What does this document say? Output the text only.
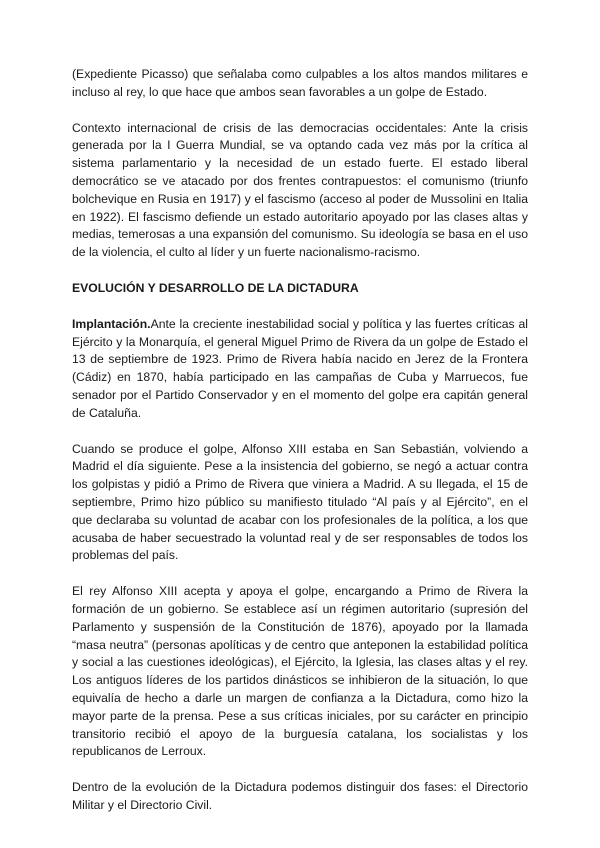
(Expediente Picasso) que señalaba como culpables a los altos mandos militares e incluso al rey, lo que hace que ambos sean favorables a un golpe de Estado.

Contexto internacional de crisis de las democracias occidentales: Ante la crisis generada por la I Guerra Mundial, se va optando cada vez más por la crítica al sistema parlamentario y la necesidad de un estado fuerte. El estado liberal democrático se ve atacado por dos frentes contrapuestos: el comunismo (triunfo bolchevique en Rusia en 1917) y el fascismo (acceso al poder de Mussolini en Italia en 1922). El fascismo defiende un estado autoritario apoyado por las clases altas y medias, temerosas a una expansión del comunismo. Su ideología se basa en el uso de la violencia, el culto al líder y un fuerte nacionalismo-racismo.

EVOLUCIÓN Y DESARROLLO DE LA DICTADURA

Implantación.Ante la creciente inestabilidad social y política y las fuertes críticas al Ejército y la Monarquía, el general Miguel Primo de Rivera da un golpe de Estado el 13 de septiembre de 1923. Primo de Rivera había nacido en Jerez de la Frontera (Cádiz) en 1870, había participado en las campañas de Cuba y Marruecos, fue senador por el Partido Conservador y en el momento del golpe era capitán general de Cataluña.

Cuando se produce el golpe, Alfonso XIII estaba en San Sebastián, volviendo a Madrid el día siguiente. Pese a la insistencia del gobierno, se negó a actuar contra los golpistas y pidió a Primo de Rivera que viniera a Madrid. A su llegada, el 15 de septiembre, Primo hizo público su manifiesto titulado “Al país y al Ejército”, en el que declaraba su voluntad de acabar con los profesionales de la política, a los que acusaba de haber secuestrado la voluntad real y de ser responsables de todos los problemas del país.

El rey Alfonso XIII acepta y apoya el golpe, encargando a Primo de Rivera la formación de un gobierno. Se establece así un régimen autoritario (supresión del Parlamento y suspensión de la Constitución de 1876), apoyado por la llamada “masa neutra” (personas apolíticas y de centro que anteponen la estabilidad política y social a las cuestiones ideológicas), el Ejército, la Iglesia, las clases altas y el rey. Los antiguos líderes de los partidos dinásticos se inhibieron de la situación, lo que equivalía de hecho a darle un margen de confianza a la Dictadura, como hizo la mayor parte de la prensa. Pese a sus críticas iniciales, por su carácter en principio transitorio recibió el apoyo de la burguesía catalana, los socialistas y los republicanos de Lerroux.

Dentro de la evolución de la Dictadura podemos distinguir dos fases: el Directorio Militar y el Directorio Civil.
